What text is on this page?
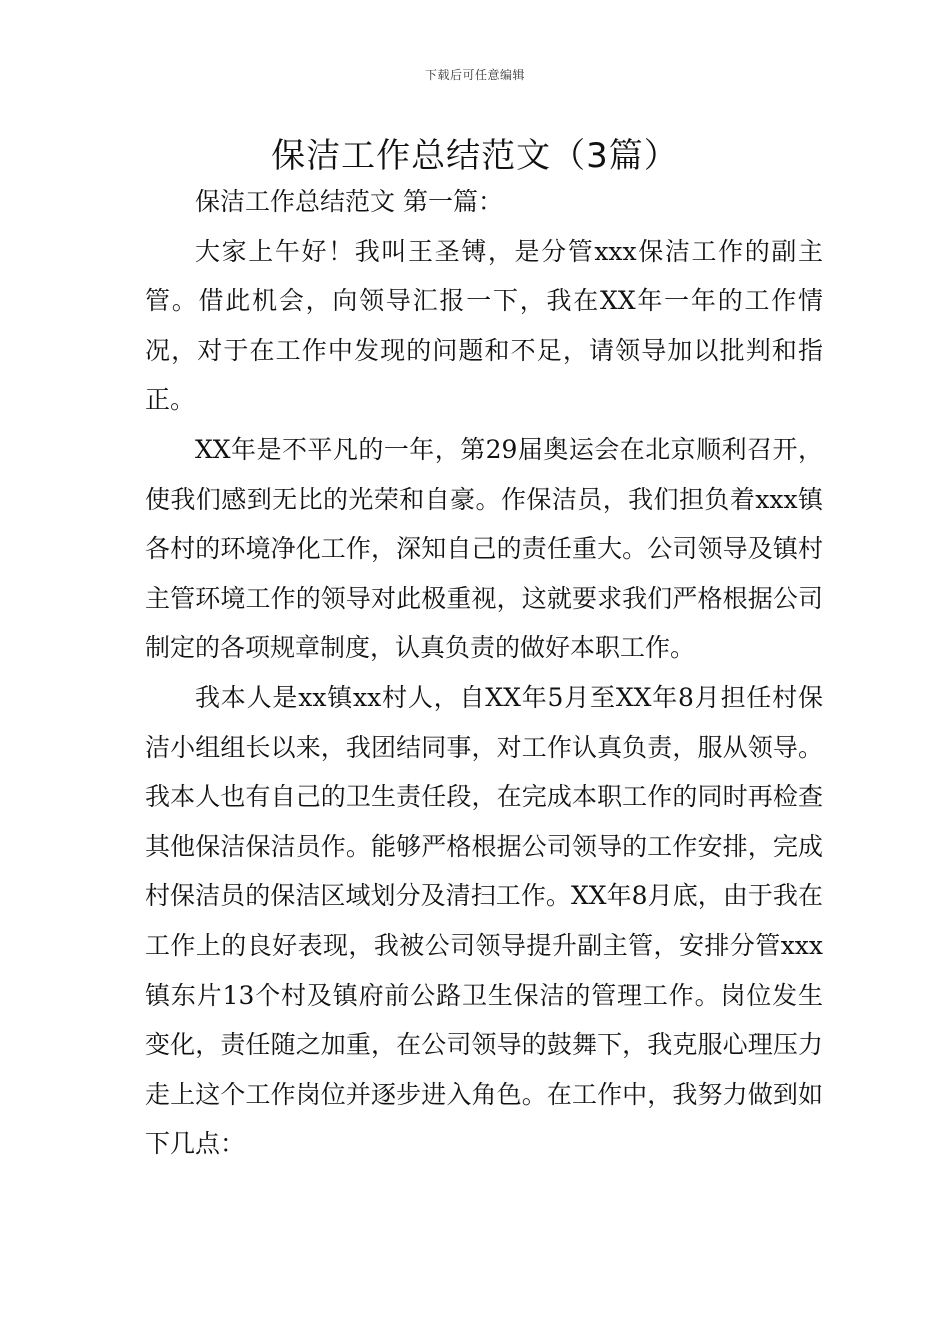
下载后可任意编辑
保洁工作总结范文（3篇）

保洁工作总结范文 第一篇：

大家上午好！我叫王圣镈，是分管xxx保洁工作的副主管。借此机会，向领导汇报一下，我在XX年一年的工作情况，对于在工作中发现的问题和不足，请领导加以批判和指正。

XX年是不平凡的一年，第29届奥运会在北京顺利召开，使我们感到无比的光荣和自豪。作保洁员，我们担负着xxx镇各村的环境净化工作，深知自己的责任重大。公司领导及镇村主管环境工作的领导对此极重视，这就要求我们严格根据公司制定的各项规章制度，认真负责的做好本职工作。

我本人是xx镇xx村人，自XX年5月至XX年8月担任村保洁小组组长以来，我团结同事，对工作认真负责，服从领导。我本人也有自己的卫生责任段，在完成本职工作的同时再检查其他保洁保洁员作。能够严格根据公司领导的工作安排，完成村保洁员的保洁区域划分及清扫工作。XX年8月底，由于我在工作上的良好表现，我被公司领导提升副主管，安排分管xxx镇东片13个村及镇府前公路卫生保洁的管理工作。岗位发生变化，责任随之加重，在公司领导的鼓舞下，我克服心理压力走上这个工作岗位并逐步进入角色。在工作中，我努力做到如下几点：
